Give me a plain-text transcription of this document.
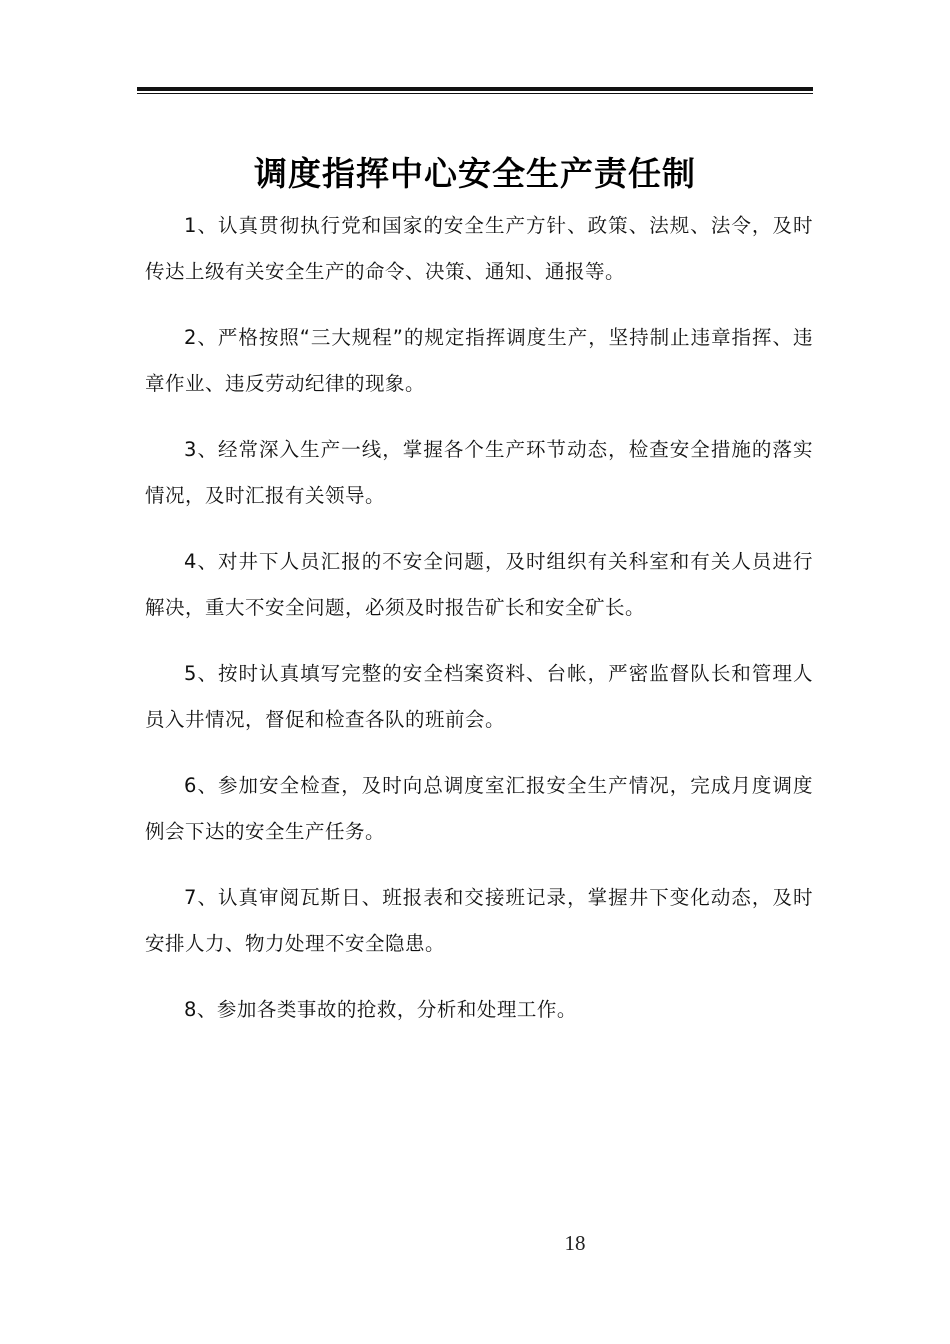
调度指挥中心安全生产责任制

1、认真贯彻执行党和国家的安全生产方针、政策、法规、法令，及时传达上级有关安全生产的命令、决策、通知、通报等。

2、严格按照“三大规程”的规定指挥调度生产，坚持制止违章指挥、违章作业、违反劳动纪律的现象。

3、经常深入生产一线，掌握各个生产环节动态，检查安全措施的落实情况，及时汇报有关领导。

4、对井下人员汇报的不安全问题，及时组织有关科室和有关人员进行解决，重大不安全问题，必须及时报告矿长和安全矿长。

5、按时认真填写完整的安全档案资料、台帐，严密监督队长和管理人员入井情况，督促和检查各队的班前会。

6、参加安全检查，及时向总调度室汇报安全生产情况，完成月度调度例会下达的安全生产任务。

7、认真审阅瓦斯日、班报表和交接班记录，掌握井下变化动态，及时安排人力、物力处理不安全隐患。

8、参加各类事故的抢救，分析和处理工作。

18
